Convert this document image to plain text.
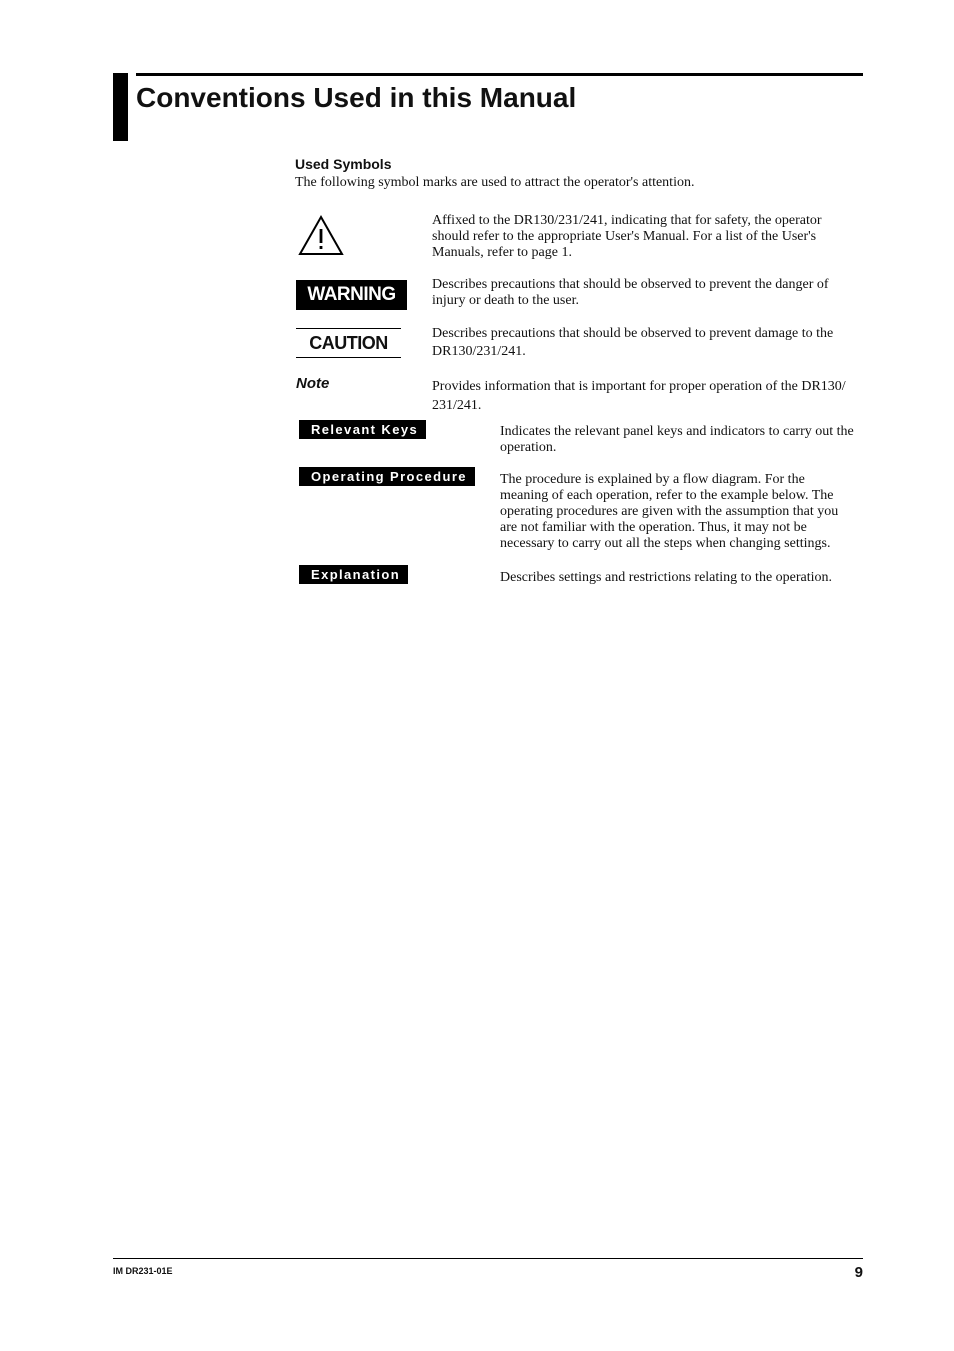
Conventions Used in this Manual
Used Symbols
The following symbol marks are used to attract the operator's attention.
Affixed to the DR130/231/241, indicating that for safety, the operator should refer to the appropriate User's Manual. For a list of the User's Manuals, refer to page 1.
WARNING	Describes precautions that should be observed to prevent the danger of injury or death to the user.
CAUTION	Describes precautions that should be observed to prevent damage to the DR130/231/241.
Note	Provides information that is important for proper operation of the DR130/ 231/241.
Relevant Keys	Indicates the relevant panel keys and indicators to carry out the operation.
Operating Procedure	The procedure is explained by a flow diagram. For the meaning of each operation, refer to the example below. The operating procedures are given with the assumption that you are not familiar with the operation. Thus, it may not be necessary to carry out all the steps when changing settings.
Explanation	Describes settings and restrictions relating to the operation.
IM DR231-01E	9
